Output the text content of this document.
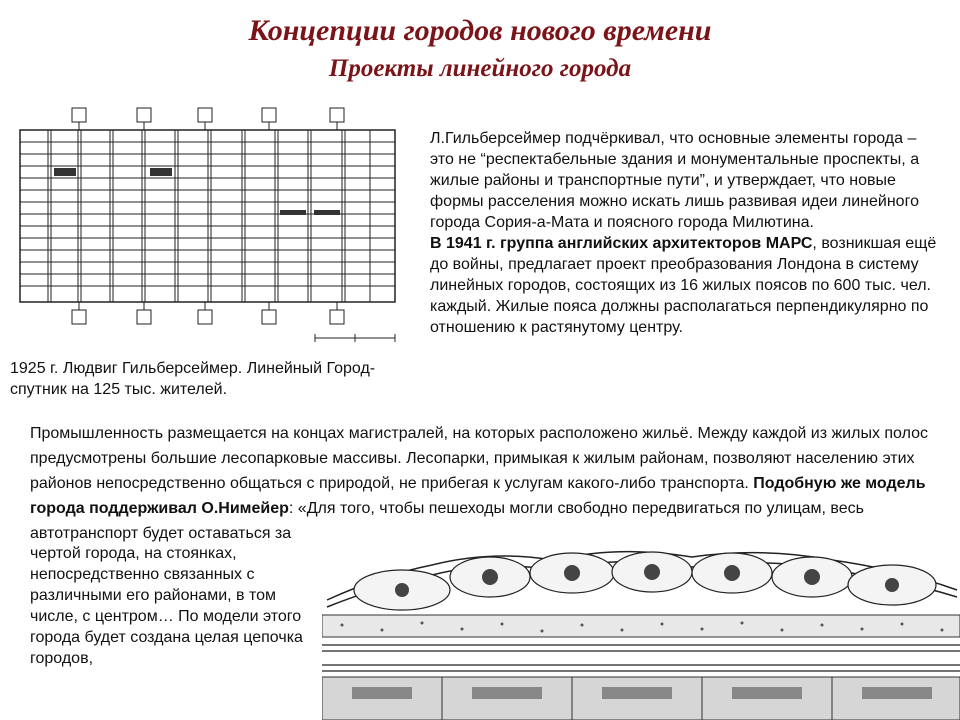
Концепции городов нового времени
Проекты линейного города
1925 г. Людвиг Гильберсеймер. Линейный Город-спутник на 125 тыс. жителей.
Л.Гильберсеймер подчёркивал, что основные элементы города – это не “респектабельные здания и монументальные проспекты, а жилые районы и транспортные пути”, и утверждает, что новые формы расселения можно искать лишь развивая идеи линейного города Сория-а-Мата и поясного города Милютина.
В 1941 г. группа английских архитекторов МАРС, возникшая ещё до войны, предлагает проект преобразования Лондона в систему линейных городов, состоящих из 16 жилых поясов по 600 тыс. чел. каждый. Жилые пояса должны располагаться перпендикулярно по отношению к растянутому центру.
Промышленность размещается на концах магистралей, на которых расположено жильё. Между каждой из жилых полос предусмотрены большие лесопарковые массивы. Лесопарки, примыкая к жилым районам, позволяют населению этих районов непосредственно общаться с природой, не прибегая к услугам какого-либо транспорта. Подобную же модель города поддерживал О.Нимейер: «Для того, чтобы пешеходы могли свободно передвигаться по улицам, весь автотранспорт будет оставаться за
чертой города, на стоянках, непосредственно связанных с различными его районами, в том числе, с центром… По модели этого города будет создана целая цепочка городов,
